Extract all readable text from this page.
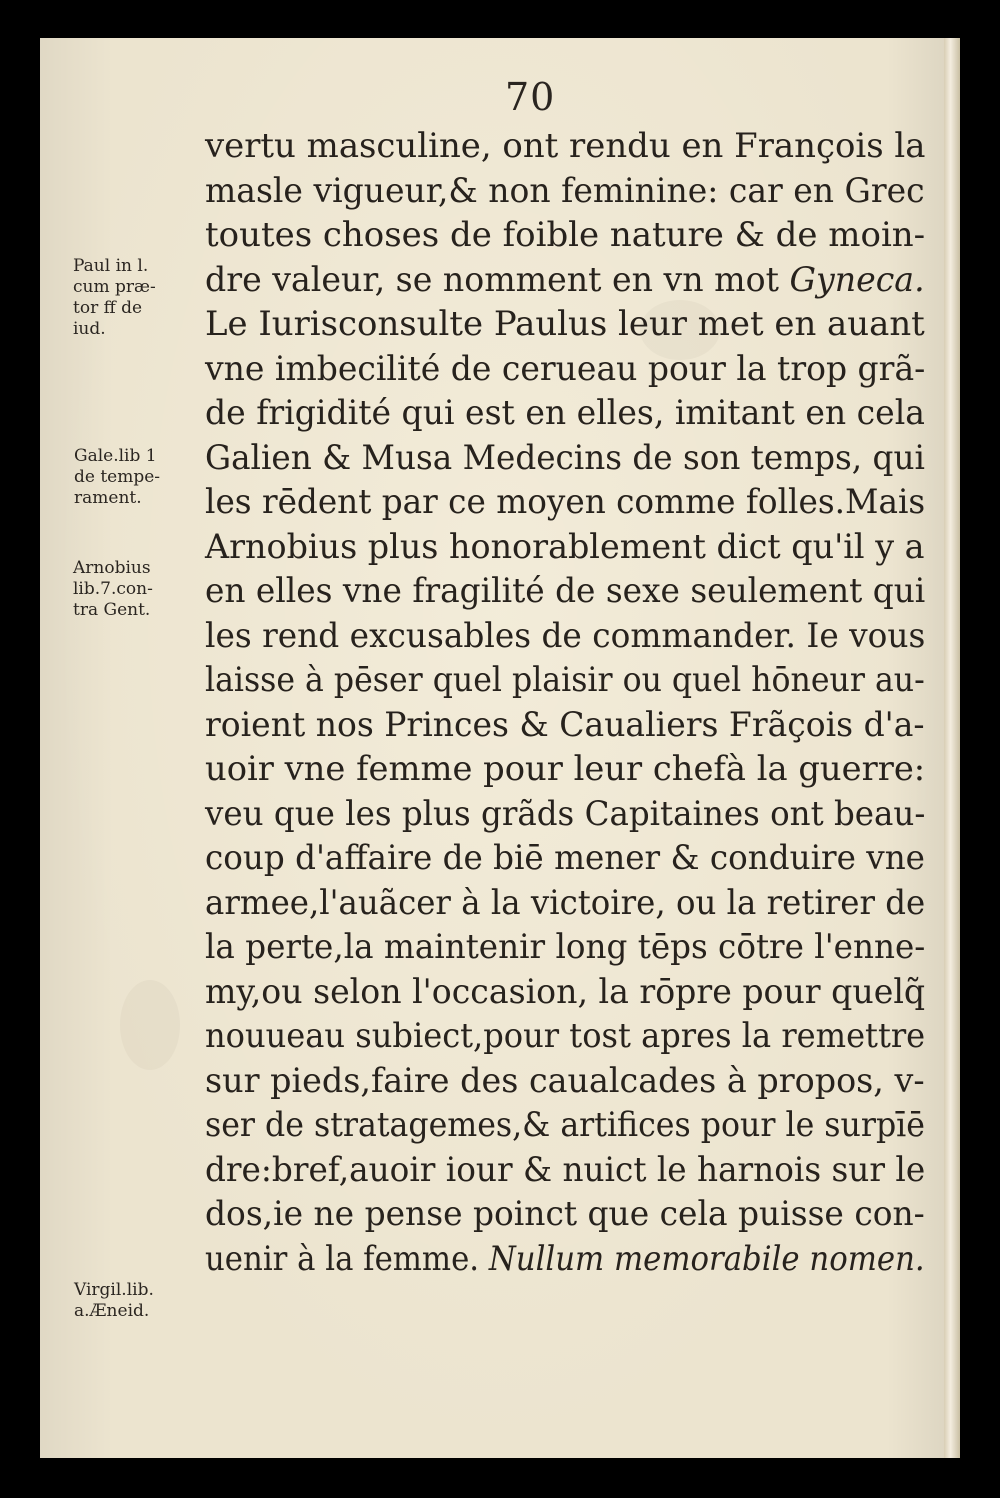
70
vertu masculine, ont rendu en François la
masle vigueur,& non feminine: car en Grec
toutes choses de foible nature & de moin-
dre valeur, se nomment en vn mot Gyneca.
Le Iurisconsulte Paulus leur met en auant
vne imbecilité de cerueau pour la trop grã-
de frigidité qui est en elles, imitant en cela
Galien & Musa Medecins de son temps, qui
les rēdent par ce moyen comme folles.Mais
Arnobius plus honorablement dict qu'il y a
en elles vne fragilité de sexe seulement qui
les rend excusables de commander. Ie vous
laisse à pēser quel plaisir ou quel hōneur au-
roient nos Princes & Caualiers Frãçois d'a-
uoir vne femme pour leur chefà la guerre:
veu que les plus grãds Capitaines ont beau-
coup d'affaire de biē mener & conduire vne
armee,l'auãcer à la victoire, ou la retirer de
la perte,la maintenir long tēps cōtre l'enne-
my,ou selon l'occasion, la rōpre pour quelq̃
nouueau subiect,pour tost apres la remettre
sur pieds,faire des caualcades à propos, v-
ser de stratagemes,& artifices pour le surpīē
dre:bref,auoir iour & nuict le harnois sur le
dos,ie ne pense poinct que cela puisse con-
uenir à la femme. Nullum memorabile nomen.
Paul in l.
cum præ-
tor ff de
iud.
Gale.lib 1
de tempe-
rament.
Arnobius
lib.7.con-
tra Gent.
Virgil.lib.
a.Æneid.
